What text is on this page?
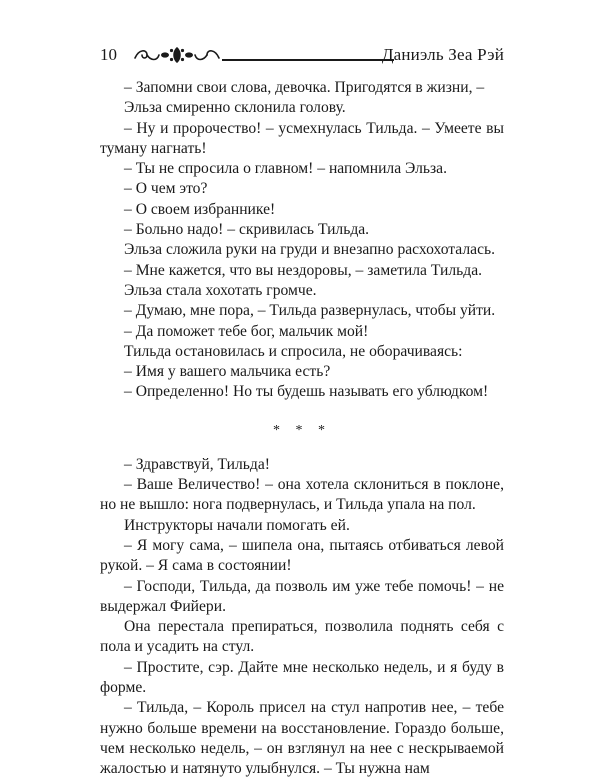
10	Даниэль Зеа Рэй

– Запомни свои слова, девочка. Пригодятся в жизни, –

Эльза смиренно склонила голову.

– Ну и пророчество! – усмехнулась Тильда. – Умеете вы туману нагнать!

– Ты не спросила о главном! – напомнила Эльза.

– О чем это?

– О своем избраннике!

– Больно надо! – скривилась Тильда.

Эльза сложила руки на груди и внезапно расхохоталась.

– Мне кажется, что вы нездоровы, – заметила Тильда.

Эльза стала хохотать громче.

– Думаю, мне пора, – Тильда развернулась, чтобы уйти.

– Да поможет тебе бог, мальчик мой!

Тильда остановилась и спросила, не оборачиваясь:

– Имя у вашего мальчика есть?

– Определенно! Но ты будешь называть его ублюдком!

* * *

– Здравствуй, Тильда!

– Ваше Величество! – она хотела склониться в поклоне, но не вышло: нога подвернулась, и Тильда упала на пол.

Инструкторы начали помогать ей.

– Я могу сама, – шипела она, пытаясь отбиваться левой рукой. – Я сама в состоянии!

– Господи, Тильда, да позволь им уже тебе помочь! – не выдержал Фийери.

Она перестала препираться, позволила поднять себя с пола и усадить на стул.

– Простите, сэр. Дайте мне несколько недель, и я буду в форме.

– Тильда, – Король присел на стул напротив нее, – тебе нужно больше времени на восстановление. Гораздо больше, чем несколько недель, – он взглянул на нее с нескрываемой жалостью и натянуто улыбнулся. – Ты нужна нам
